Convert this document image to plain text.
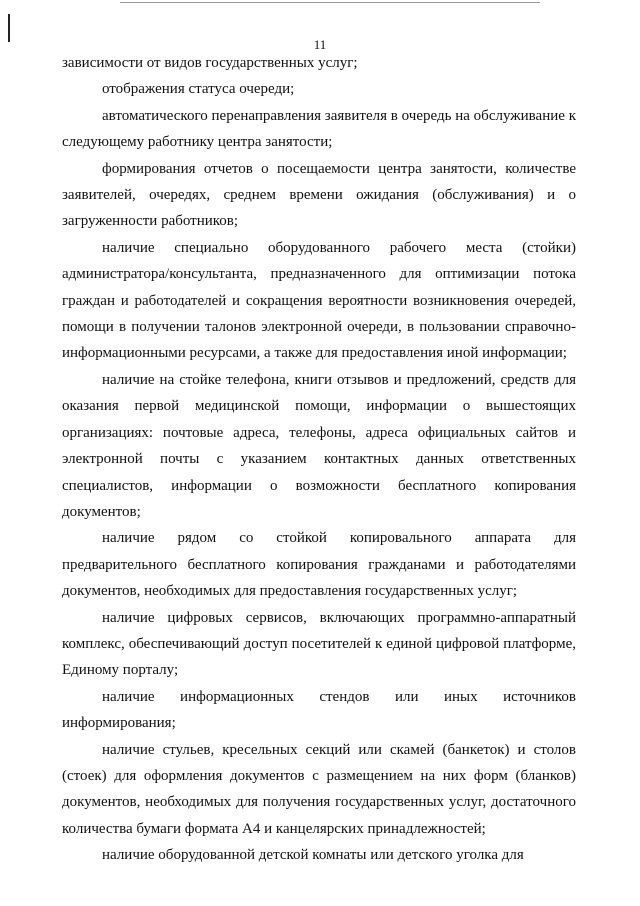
11

зависимости от видов государственных услуг;

отображения статуса очереди;

автоматического перенаправления заявителя в очередь на обслуживание к следующему работнику центра занятости;

формирования отчетов о посещаемости центра занятости, количестве заявителей, очередях, среднем времени ожидания (обслуживания) и о загруженности работников;

наличие специально оборудованного рабочего места (стойки) администратора/консультанта, предназначенного для оптимизации потока граждан и работодателей и сокращения вероятности возникновения очередей, помощи в получении талонов электронной очереди, в пользовании справочно-информационными ресурсами, а также для предоставления иной информации;

наличие на стойке телефона, книги отзывов и предложений, средств для оказания первой медицинской помощи, информации о вышестоящих организациях: почтовые адреса, телефоны, адреса официальных сайтов и электронной почты с указанием контактных данных ответственных специалистов, информации о возможности бесплатного копирования документов;

наличие рядом со стойкой копировального аппарата для предварительного бесплатного копирования гражданами и работодателями документов, необходимых для предоставления государственных услуг;

наличие цифровых сервисов, включающих программно-аппаратный комплекс, обеспечивающий доступ посетителей к единой цифровой платформе, Единому порталу;

наличие информационных стендов или иных источников информирования;

наличие стульев, кресельных секций или скамей (банкеток) и столов (стоек) для оформления документов с размещением на них форм (бланков) документов, необходимых для получения государственных услуг, достаточного количества бумаги формата А4 и канцелярских принадлежностей;

наличие оборудованной детской комнаты или детского уголка для
